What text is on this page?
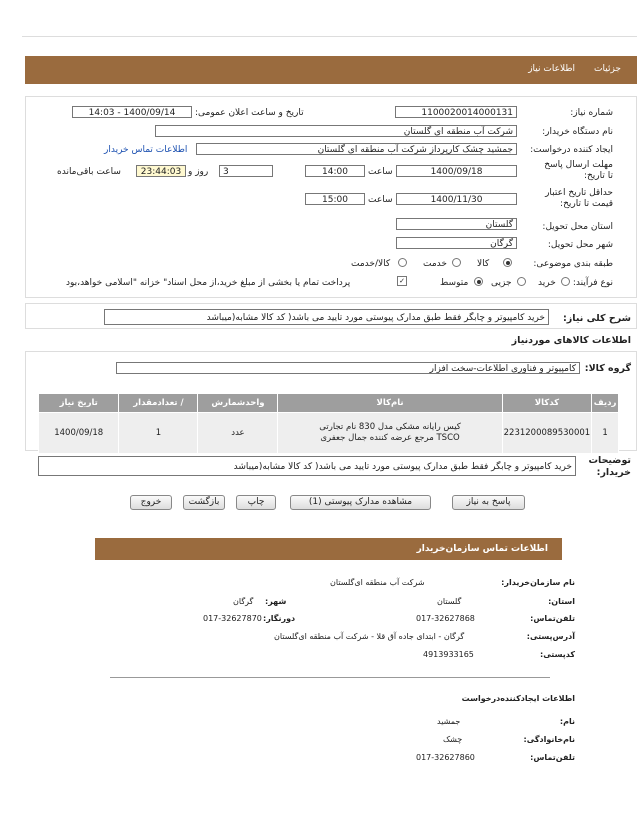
جزئیات
اطلاعات نیاز
شماره نیاز:
1100020014000131
تاریخ و ساعت اعلان عمومی:
1400/09/14 - 14:03
نام دستگاه خریدار:
شرکت آب منطقه ای گلستان
ایجاد کننده درخواست:
جمشید چشک کارپرداز شرکت آب منطقه ای گلستان
اطلاعات تماس خریدار
مهلت ارسال پاسخ تا تاریخ:
1400/09/18
ساعت
14:00
3
روز و
23:44:03
ساعت باقی‌مانده
حداقل تاریخ اعتبار قیمت تا تاریخ:
1400/11/30
ساعت
15:00
استان محل تحویل:
گلستان
شهر محل تحویل:
گرگان
طبقه بندی موضوعی:
کالا
خدمت
کالا/خدمت
نوع فرآیند:
خرید
جزیی
متوسط
✓
پرداخت تمام یا بخشی از مبلغ خرید،از محل اسناد" خزانه "اسلامی خواهد،بود
شرح کلی نیاز:
خرید کامپیوتر و چابگر فقط طبق مدارک پیوستی مورد تایید می باشد( کد کالا مشابه(میباشد
اطلاعات کالاهای موردنیاز
گروه کالا:
کامپیوتر و فناوری اطلاعات-سخت افزار
ردیف	کدکالا	نام‌کالا	واحدشمارش	/ تعدادمقدار	تاریخ نیاز
1	2231200089530001	کیس رایانه مشکی مدل 830 نام تجارتی TSCO مرجع عرضه کننده جمال جعفری	عدد	1	1400/09/18
توضیحات خریدار:
خرید کامپیوتر و چابگر فقط طبق مدارک پیوستی مورد تایید می باشد( کد کالا مشابه(میباشد
پاسخ به نیاز
مشاهده مدارک پیوستی (1)
چاپ
بازگشت
خروج
اطلاعات تماس سازمان‌خریدار
نام سازمان‌خریدار:
شرکت آب منطقه ای‌گلستان
استان:
گلستان
شهر:
گرگان
تلفن‌تماس:
017-32627868
دورنگار:
017-32627870
آدرس‌پستی:
گرگان - ابتدای جاده آق قلا - شرکت آب منطقه ای‌گلستان
کدپستی:
4913933165
اطلاعات ایجادکننده‌درخواست
نام:
جمشید
نام‌خانوادگی:
چشک
تلفن‌تماس:
017-32627860
